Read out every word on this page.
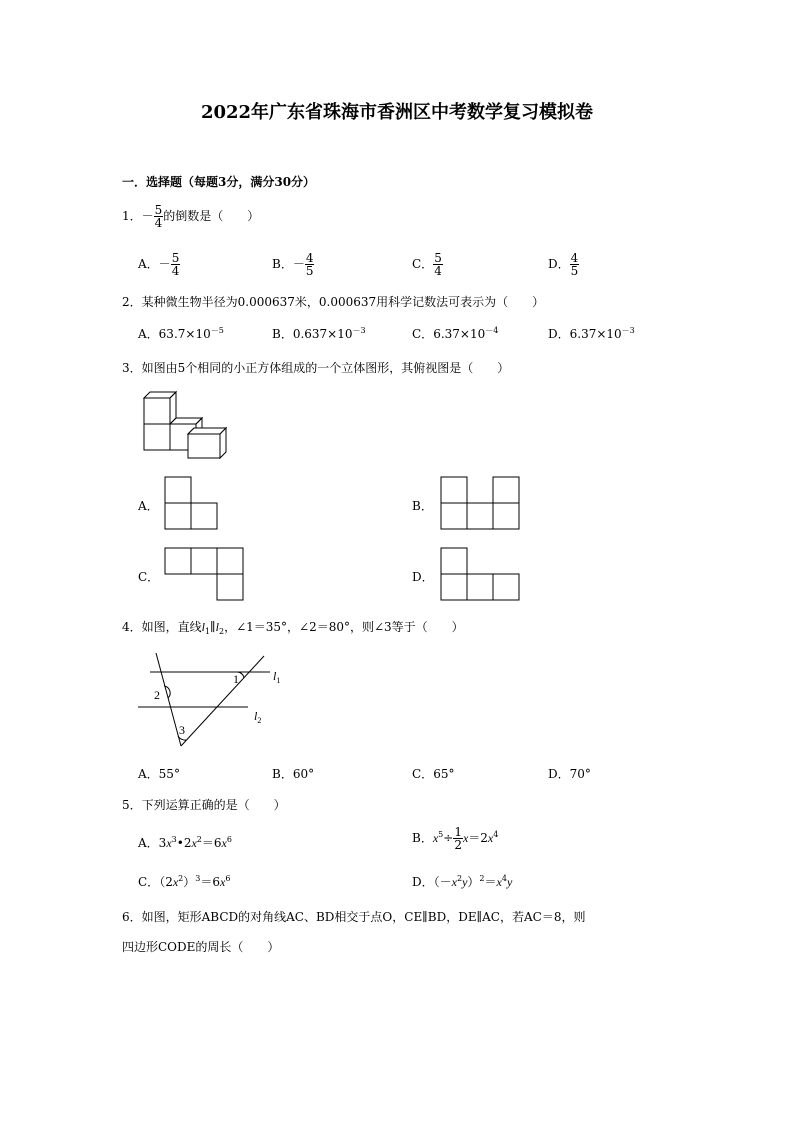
2022年广东省珠海市香洲区中考数学复习模拟卷
一．选择题（每题3分，满分30分）
1．－ $\frac{5}{4}$ 的倒数是（　　）
A．－ $\frac{5}{4}$	B．－ $\frac{4}{5}$	C． $\frac{5}{4}$	D． $\frac{4}{5}$
2．某种微生物半径为0.000637米，0.000637用科学记数法可表示为（　　）
A．$63.7\times 10^{-5}$	B．$0.637\times 10^{-3}$	C．$6.37\times 10^{-4}$	D．$6.37\times 10^{-3}$
3．如图由5个相同的小正方体组成的一个立体图形，其俯视图是（　　）
A．	B．
C．	D．
4．如图，直线$l_1\parallel l_2$，∠1＝35°，∠2＝80°，则∠3等于（　　）
1
2
3
$l_1$
$l_2$
A．55°	B．60°	C．65°	D．70°
5．下列运算正确的是（　　）
A．$3x^3•2x^2=6x^6$	B．$x^5\div \frac{1}{2} x=2x^4$
C．$(2x^2)^3=6x^6$	D．$(-x^2y)^2=x^4y$
6．如图，矩形ABCD的对角线AC、BD相交于点O，CE∥BD，DE∥AC，若AC＝8，则
四边形CODE的周长（　　）
